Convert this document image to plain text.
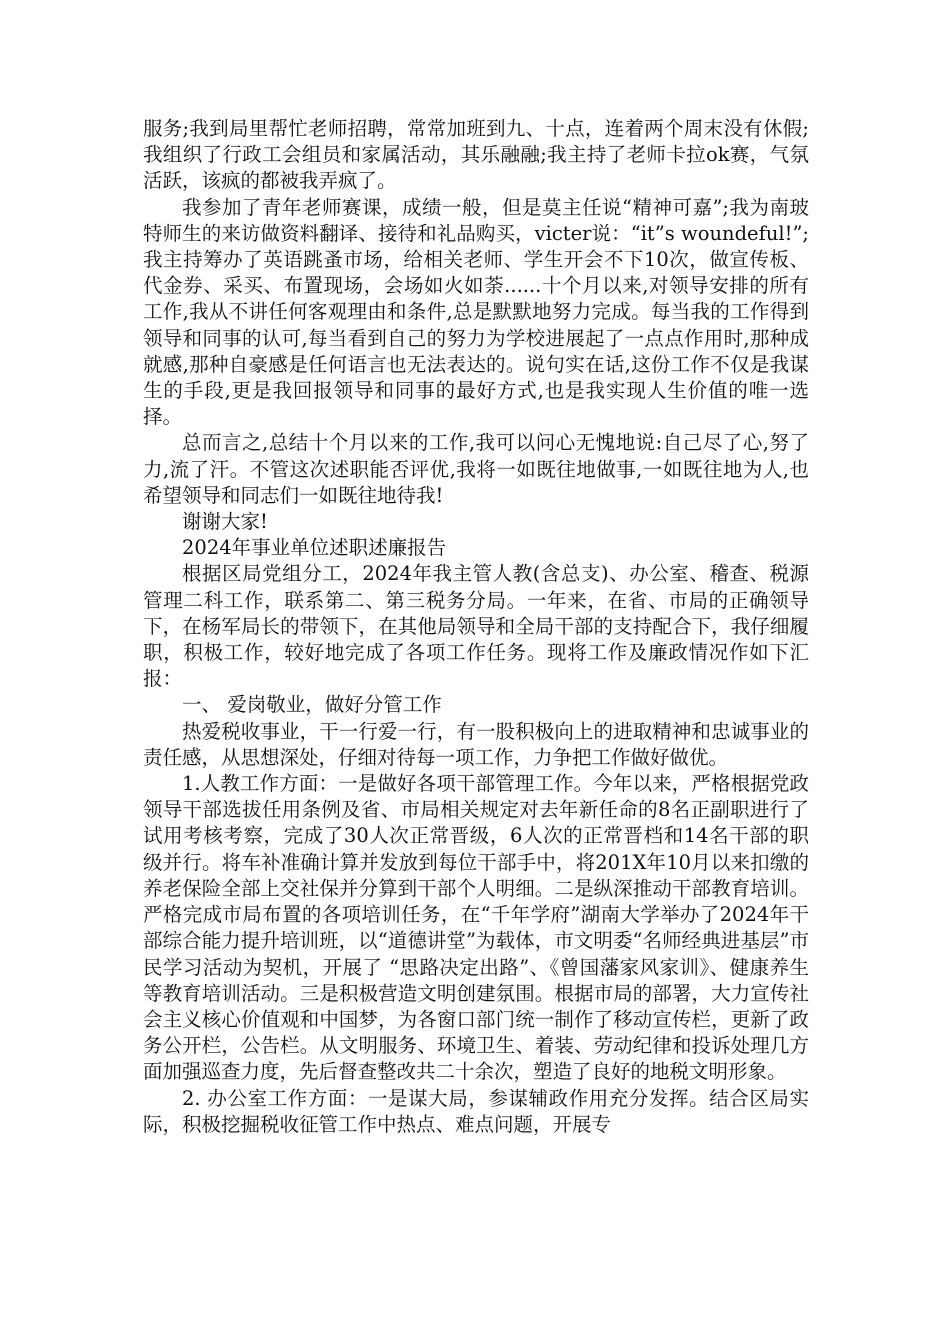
服务;我到局里帮忙老师招聘，常常加班到九、十点，连着两个周末没有休假;我组织了行政工会组员和家属活动，其乐融融;我主持了老师卡拉ok赛，气氛活跃，该疯的都被我弄疯了。

我参加了青年老师赛课，成绩一般，但是莫主任说“精神可嘉”;我为南玻特师生的来访做资料翻译、接待和礼品购买，victer说：“it”s woundeful!”;我主持筹办了英语跳蚤市场，给相关老师、学生开会不下10次，做宣传板、代金券、采买、布置现场，会场如火如荼......十个月以来,对领导安排的所有工作,我从不讲任何客观理由和条件,总是默默地努力完成。每当我的工作得到领导和同事的认可,每当看到自己的努力为学校进展起了一点点作用时,那种成就感,那种自豪感是任何语言也无法表达的。说句实在话,这份工作不仅是我谋生的手段,更是我回报领导和同事的最好方式,也是我实现人生价值的唯一选择。

总而言之,总结十个月以来的工作,我可以问心无愧地说:自己尽了心,努了力,流了汗。不管这次述职能否评优,我将一如既往地做事,一如既往地为人,也希望领导和同志们一如既往地待我!

谢谢大家!

2024年事业单位述职述廉报告

根据区局党组分工，2024年我主管人教(含总支)、办公室、稽查、税源管理二科工作，联系第二、第三税务分局。一年来，在省、市局的正确领导下，在杨军局长的带领下，在其他局领导和全局干部的支持配合下，我仔细履职，积极工作，较好地完成了各项工作任务。现将工作及廉政情况作如下汇报：

一、 爱岗敬业，做好分管工作

热爱税收事业，干一行爱一行，有一股积极向上的进取精神和忠诚事业的责任感，从思想深处，仔细对待每一项工作，力争把工作做好做优。

1.人教工作方面：一是做好各项干部管理工作。今年以来，严格根据党政领导干部选拔任用条例及省、市局相关规定对去年新任命的8名正副职进行了试用考核考察，完成了30人次正常晋级，6人次的正常晋档和14名干部的职级并行。将车补准确计算并发放到每位干部手中，将201X年10月以来扣缴的养老保险全部上交社保并分算到干部个人明细。二是纵深推动干部教育培训。严格完成市局布置的各项培训任务，在“千年学府”湖南大学举办了2024年干部综合能力提升培训班，以“道德讲堂”为载体，市文明委“名师经典进基层”市民学习活动为契机，开展了 “思路决定出路”、《曾国藩家风家训》、健康养生等教育培训活动。三是积极营造文明创建氛围。根据市局的部署，大力宣传社会主义核心价值观和中国梦，为各窗口部门统一制作了移动宣传栏，更新了政务公开栏，公告栏。从文明服务、环境卫生、着装、劳动纪律和投诉处理几方面加强巡查力度，先后督查整改共二十余次，塑造了良好的地税文明形象。

2. 办公室工作方面：一是谋大局，参谋辅政作用充分发挥。结合区局实际，积极挖掘税收征管工作中热点、难点问题，开展专
